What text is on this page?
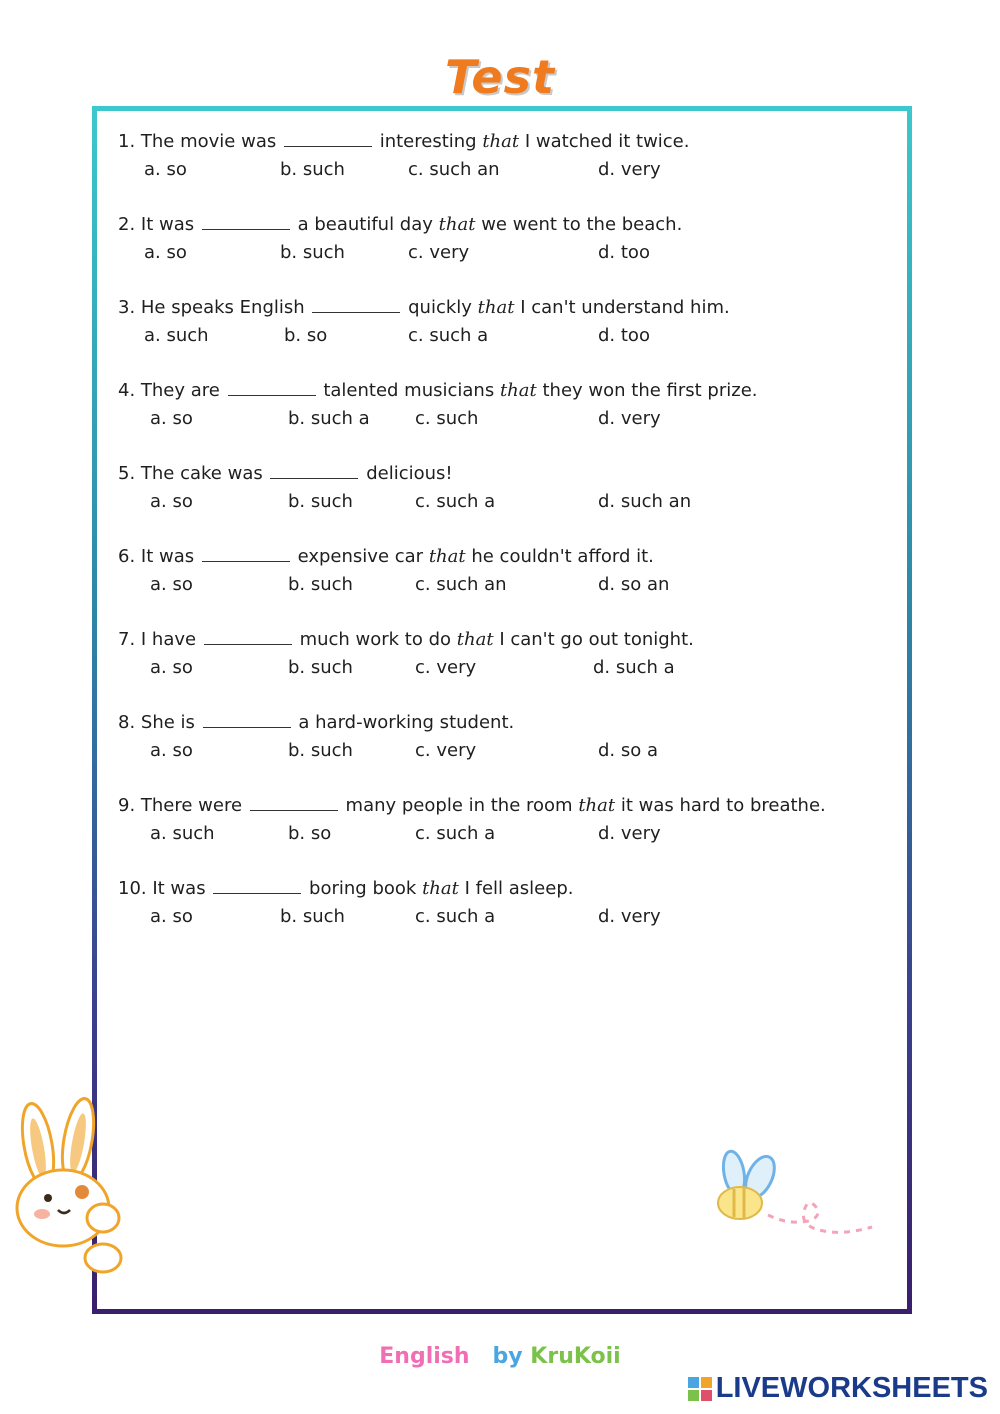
Test
1. The movie was	interesting that I watched it twice.
a. so	b. such	c. such an	d. very
2. It was	a beautiful day that we went to the beach.
a. so	b. such	c. very	d. too
3. He speaks English	quickly that I can't understand him.
a. such	b. so	c. such a	d. too
4. They are	talented musicians that they won the first prize.
a. so	b. such a	c. such	d. very
5. The cake was	delicious!
a. so	b. such	c. such a	d. such an
6. It was	expensive car that he couldn't afford it.
a. so	b. such	c. such an	d. so an
7. I have	much work to do that I can't go out tonight.
a. so	b. such	c. very	d. such a
8. She is	a hard-working student.
a. so	b. such	c. very	d. so a
9. There were	many people in the room that it was hard to breathe.
a. such	b. so	c. such a	d. very
10. It was	boring book that I fell asleep.
a. so	b. such	c. such a	d. very
English by KruKoii
LIVEWORKSHEETS
